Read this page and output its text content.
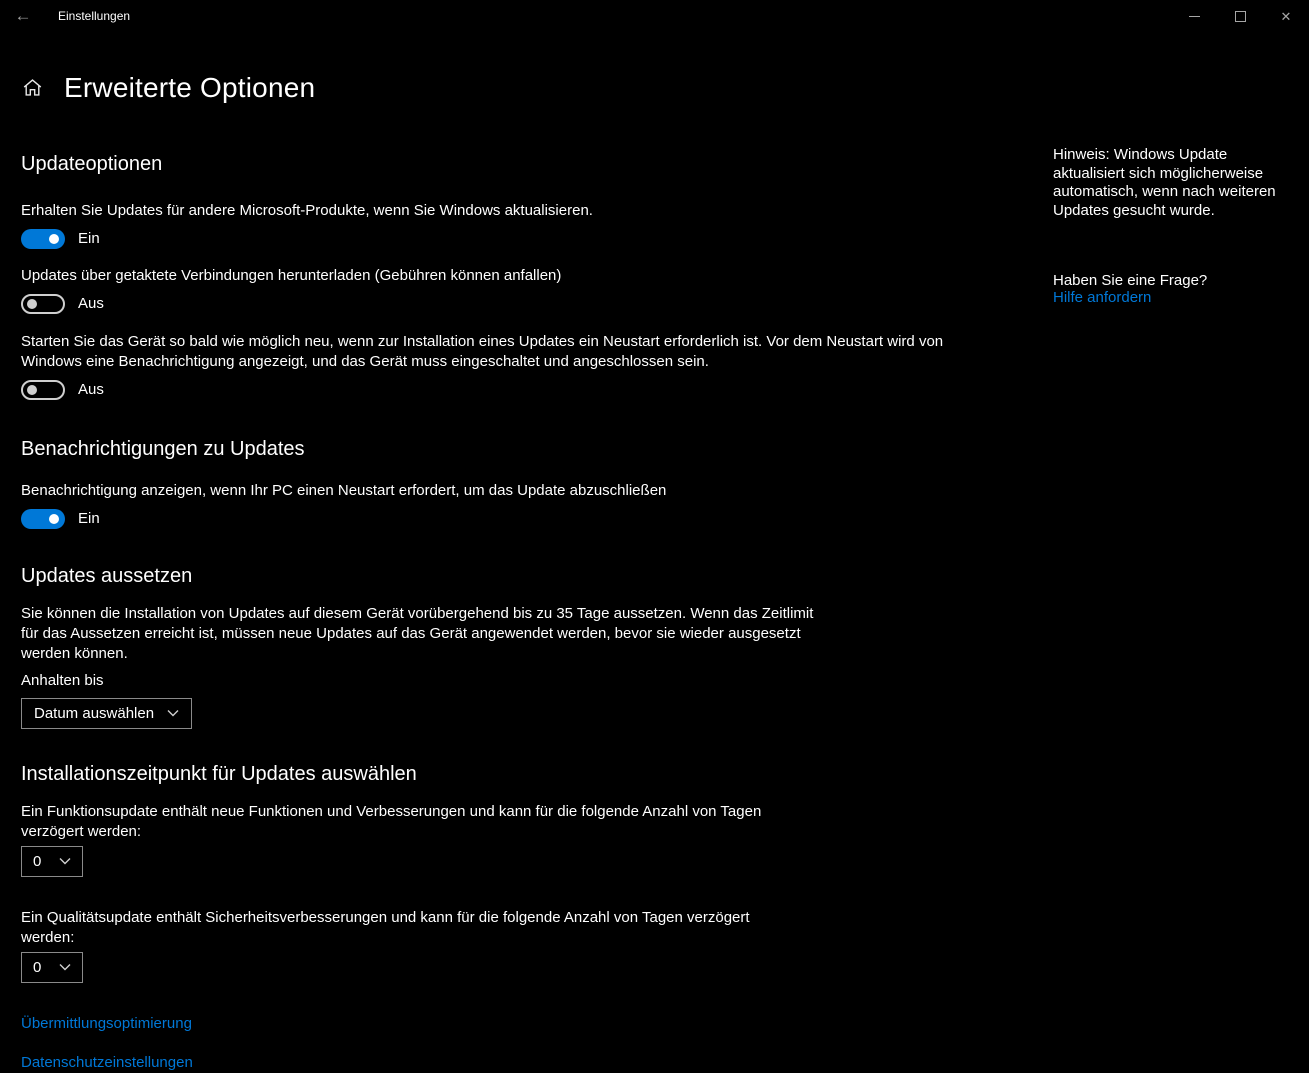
← Einstellungen	✕
Erweiterte Optionen
Updateoptionen
Erhalten Sie Updates für andere Microsoft-Produkte, wenn Sie Windows aktualisieren.
Ein
Updates über getaktete Verbindungen herunterladen (Gebühren können anfallen)
Aus
Starten Sie das Gerät so bald wie möglich neu, wenn zur Installation eines Updates ein Neustart erforderlich ist. Vor dem Neustart wird von Windows eine Benachrichtigung angezeigt, und das Gerät muss eingeschaltet und angeschlossen sein.
Aus
Benachrichtigungen zu Updates
Benachrichtigung anzeigen, wenn Ihr PC einen Neustart erfordert, um das Update abzuschließen
Ein
Updates aussetzen
Sie können die Installation von Updates auf diesem Gerät vorübergehend bis zu 35 Tage aussetzen. Wenn das Zeitlimit für das Aussetzen erreicht ist, müssen neue Updates auf das Gerät angewendet werden, bevor sie wieder ausgesetzt werden können.
Anhalten bis
Datum auswählen
Installationszeitpunkt für Updates auswählen
Ein Funktionsupdate enthält neue Funktionen und Verbesserungen und kann für die folgende Anzahl von Tagen verzögert werden:
0
Ein Qualitätsupdate enthält Sicherheitsverbesserungen und kann für die folgende Anzahl von Tagen verzögert werden:
0
Übermittlungsoptimierung
Datenschutzeinstellungen
Hinweis: Windows Update aktualisiert sich möglicherweise automatisch, wenn nach weiteren Updates gesucht wurde.
Haben Sie eine Frage?
Hilfe anfordern
